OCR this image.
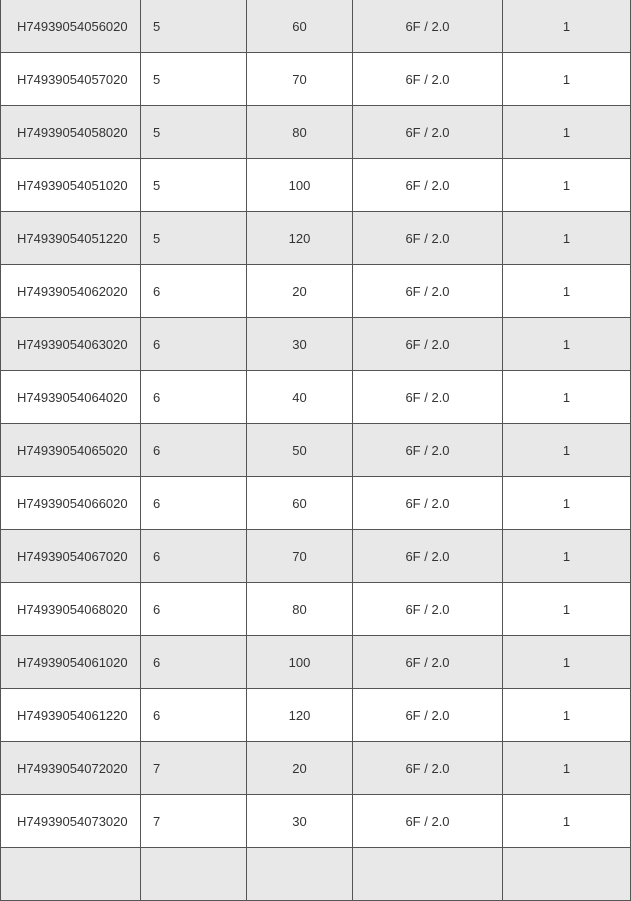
H74939054056020	5	60	6F / 2.0	1
H74939054057020	5	70	6F / 2.0	1
H74939054058020	5	80	6F / 2.0	1
H74939054051020	5	100	6F / 2.0	1
H74939054051220	5	120	6F / 2.0	1
H74939054062020	6	20	6F / 2.0	1
H74939054063020	6	30	6F / 2.0	1
H74939054064020	6	40	6F / 2.0	1
H74939054065020	6	50	6F / 2.0	1
H74939054066020	6	60	6F / 2.0	1
H74939054067020	6	70	6F / 2.0	1
H74939054068020	6	80	6F / 2.0	1
H74939054061020	6	100	6F / 2.0	1
H74939054061220	6	120	6F / 2.0	1
H74939054072020	7	20	6F / 2.0	1
H74939054073020	7	30	6F / 2.0	1
